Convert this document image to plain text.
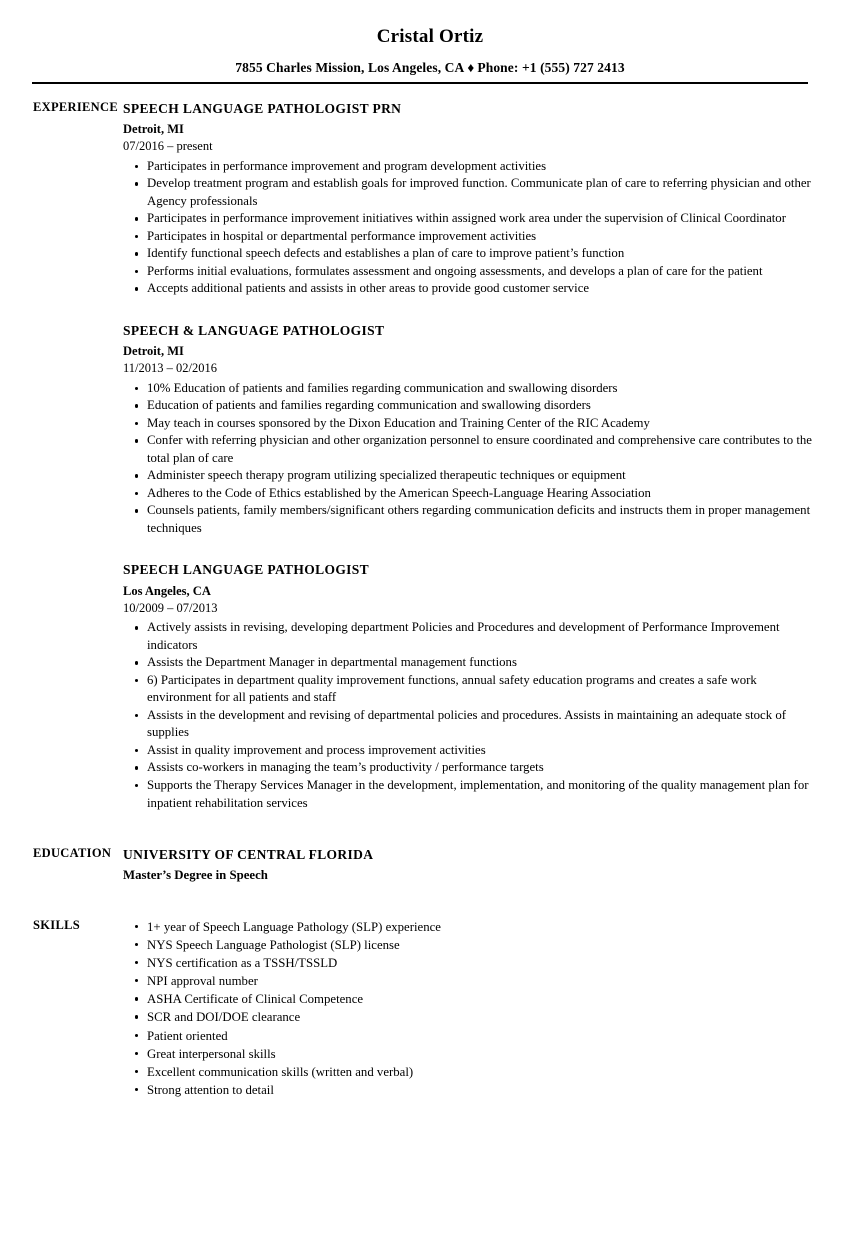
Cristal Ortiz
7855 Charles Mission, Los Angeles, CA ♦ Phone: +1 (555) 727 2413
EXPERIENCE SPEECH LANGUAGE PATHOLOGIST PRN
Detroit, MI
07/2016 – present
Participates in performance improvement and program development activities
Develop treatment program and establish goals for improved function. Communicate plan of care to referring physician and other Agency professionals
Participates in performance improvement initiatives within assigned work area under the supervision of Clinical Coordinator
Participates in hospital or departmental performance improvement activities
Identify functional speech defects and establishes a plan of care to improve patient’s function
Performs initial evaluations, formulates assessment and ongoing assessments, and develops a plan of care for the patient
Accepts additional patients and assists in other areas to provide good customer service
SPEECH & LANGUAGE PATHOLOGIST
Detroit, MI
11/2013 – 02/2016
10% Education of patients and families regarding communication and swallowing disorders
Education of patients and families regarding communication and swallowing disorders
May teach in courses sponsored by the Dixon Education and Training Center of the RIC Academy
Confer with referring physician and other organization personnel to ensure coordinated and comprehensive care contributes to the total plan of care
Administer speech therapy program utilizing specialized therapeutic techniques or equipment
Adheres to the Code of Ethics established by the American Speech-Language Hearing Association
Counsels patients, family members/significant others regarding communication deficits and instructs them in proper management techniques
SPEECH LANGUAGE PATHOLOGIST
Los Angeles, CA
10/2009 – 07/2013
Actively assists in revising, developing department Policies and Procedures and development of Performance Improvement indicators
Assists the Department Manager in departmental management functions
6) Participates in department quality improvement functions, annual safety education programs and creates a safe work environment for all patients and staff
Assists in the development and revising of departmental policies and procedures. Assists in maintaining an adequate stock of supplies
Assist in quality improvement and process improvement activities
Assists co-workers in managing the team’s productivity / performance targets
Supports the Therapy Services Manager in the development, implementation, and monitoring of the quality management plan for inpatient rehabilitation services
EDUCATION UNIVERSITY OF CENTRAL FLORIDA
Master’s Degree in Speech
SKILLS	1+ year of Speech Language Pathology (SLP) experience
NYS Speech Language Pathologist (SLP) license
NYS certification as a TSSH/TSSLD
NPI approval number
ASHA Certificate of Clinical Competence
SCR and DOI/DOE clearance
Patient oriented
Great interpersonal skills
Excellent communication skills (written and verbal)
Strong attention to detail
